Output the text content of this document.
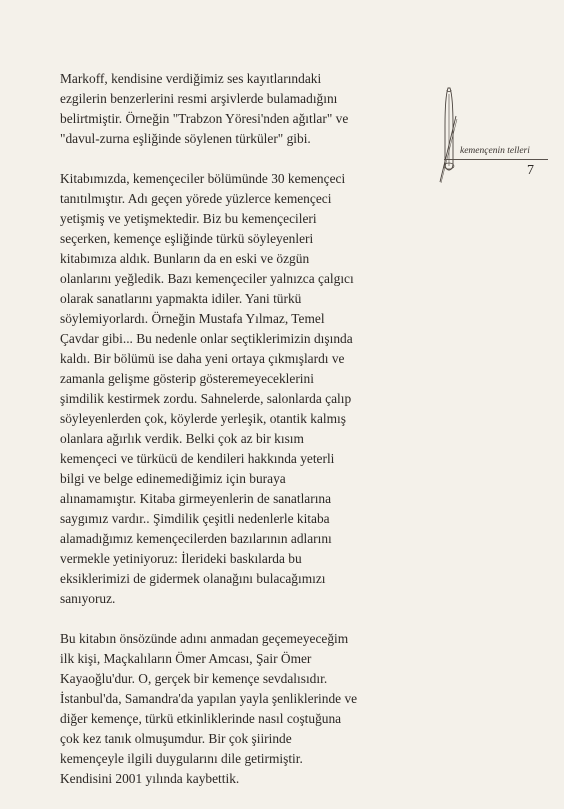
kemençenin telleri
7

Markoff, kendisine verdiğimiz ses kayıtlarındaki
ezgilerin benzerlerini resmi arşivlerde bulamadığını
belirtmiştir. Örneğin "Trabzon Yöresi'nden ağıtlar" ve
"davul-zurna eşliğinde söylenen türküler" gibi.

Kitabımızda, kemençeciler bölümünde 30 kemençeci
tanıtılmıştır. Adı geçen yörede yüzlerce kemençeci
yetişmiş ve yetişmektedir. Biz bu kemençecileri
seçerken, kemençe eşliğinde türkü söyleyenleri
kitabımıza aldık. Bunların da en eski ve özgün
olanlarını yeğledik. Bazı kemençeciler yalnızca çalgıcı
olarak sanatlarını yapmakta idiler. Yani türkü
söylemiyorlardı. Örneğin Mustafa Yılmaz, Temel
Çavdar gibi... Bu nedenle onlar seçtiklerimizin dışında
kaldı. Bir bölümü ise daha yeni ortaya çıkmışlardı ve
zamanla gelişme gösterip gösteremeyeceklerini
şimdilik kestirmek zordu. Sahnelerde, salonlarda çalıp
söyleyenlerden çok, köylerde yerleşik, otantik kalmış
olanlara ağırlık verdik. Belki çok az bir kısım
kemençeci ve türkücü de kendileri hakkında yeterli
bilgi ve belge edinemediğimiz için buraya
alınamamıştır. Kitaba girmeyenlerin de sanatlarına
saygımız vardır.. Şimdilik çeşitli nedenlerle kitaba
alamadığımız kemençecilerden bazılarının adlarını
vermekle yetiniyoruz: İlerideki baskılarda bu
eksiklerimizi de gidermek olanağını bulacağımızı
sanıyoruz.

Bu kitabın önsözünde adını anmadan geçemeyeceğim
ilk kişi, Maçkalıların Ömer Amcası, Şair Ömer
Kayaoğlu'dur. O, gerçek bir kemençe sevdalısıdır.
İstanbul'da, Samandra'da yapılan yayla şenliklerinde ve
diğer kemençe, türkü etkinliklerinde nasıl coştuğuna
çok kez tanık olmuşumdur. Bir çok şiirinde
kemençeyle ilgili duygularını dile getirmiştir.
Kendisini 2001 yılında kaybettik.
